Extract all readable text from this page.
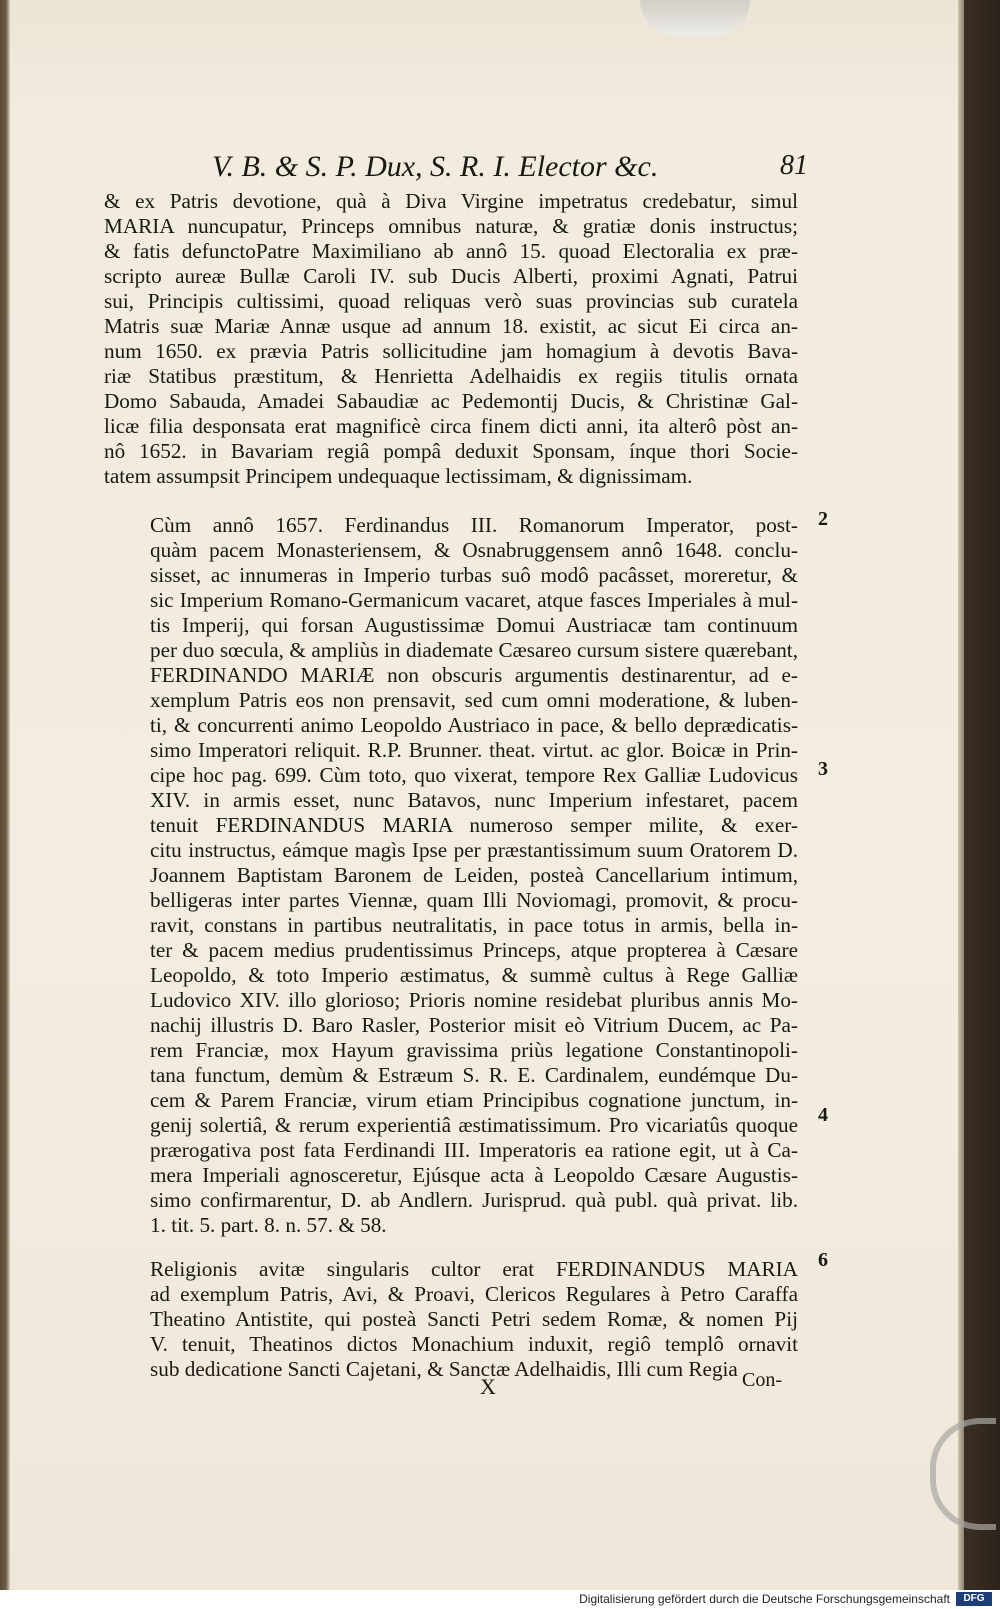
V. B. & S. P. Dux, S. R. I. Elector &c.	81
& ex Patris devotione, quà à Diva Virgine impetratus credebatur, simul
MARIA nuncupatur, Princeps omnibus naturæ, & gratiæ donis instructus;
& fatis defunctoPatre Maximiliano ab annô 15. quoad Electoralia ex præ-
scripto aureæ Bullæ Caroli IV. sub Ducis Alberti, proximi Agnati, Patrui
sui, Principis cultissimi, quoad reliquas verò suas provincias sub curatela
Matris suæ Mariæ Annæ usque ad annum 18. existit, ac sicut Ei circa an-
num 1650. ex prævia Patris sollicitudine jam homagium à devotis Bava-
riæ Statibus præstitum, & Henrietta Adelhaidis ex regiis titulis ornata
Domo Sabauda, Amadei Sabaudiæ ac Pedemontij Ducis, & Christinæ Gal-
licæ filia desponsata erat magnificè circa finem dicti anni, ita alterô pòst an-
nô 1652. in Bavariam regiâ pompâ deduxit Sponsam, ínque thori Socie-
tatem assumpsit Principem undequaque lectissimam, & dignissimam.
Cùm annô 1657. Ferdinandus III. Romanorum Imperator, post-
quàm pacem Monasteriensem, & Osnabruggensem annô 1648. conclu-
sisset, ac innumeras in Imperio turbas suô modô pacâsset, moreretur, &
sic Imperium Romano-Germanicum vacaret, atque fasces Imperiales à mul-
tis Imperij, qui forsan Augustissimæ Domui Austriacæ tam continuum
per duo sœcula, & ampliùs in diademate Cæsareo cursum sistere quærebant,
FERDINANDO MARIÆ non obscuris argumentis destinarentur, ad e-
xemplum Patris eos non prensavit, sed cum omni moderatione, & luben-
ti, & concurrenti animo Leopoldo Austriaco in pace, & bello deprædicatis-
simo Imperatori reliquit. R.P. Brunner. theat. virtut. ac glor. Boicæ in Prin-
cipe hoc pag. 699. Cùm toto, quo vixerat, tempore Rex Galliæ Ludovicus
XIV. in armis esset, nunc Batavos, nunc Imperium infestaret, pacem
tenuit FERDINANDUS MARIA numeroso semper milite, & exer-
citu instructus, eámque magìs Ipse per præstantissimum suum Oratorem D.
Joannem Baptistam Baronem de Leiden, posteà Cancellarium intimum,
belligeras inter partes Viennæ, quam Illi Noviomagi, promovit, & procu-
ravit, constans in partibus neutralitatis, in pace totus in armis, bella in-
ter & pacem medius prudentissimus Princeps, atque propterea à Cæsare
Leopoldo, & toto Imperio æstimatus, & summè cultus à Rege Galliæ
Ludovico XIV. illo glorioso; Prioris nomine residebat pluribus annis Mo-
nachij illustris D. Baro Rasler, Posterior misit eò Vitrium Ducem, ac Pa-
rem Franciæ, mox Hayum gravissima priùs legatione Constantinopoli-
tana functum, demùm & Estræum S. R. E. Cardinalem, eundémque Du-
cem & Parem Franciæ, virum etiam Principibus cognatione junctum, in-
genij solertiâ, & rerum experientiâ æstimatissimum. Pro vicariatûs quoque
prærogativa post fata Ferdinandi III. Imperatoris ea ratione egit, ut à Ca-
mera Imperiali agnosceretur, Ejúsque acta à Leopoldo Cæsare Augustis-
simo confirmarentur, D. ab Andlern. Jurisprud. quà publ. quà privat. lib.
1. tit. 5. part. 8. n. 57. & 58.
Religionis avitæ singularis cultor erat FERDINANDUS MARIA
ad exemplum Patris, Avi, & Proavi, Clericos Regulares à Petro Caraffa
Theatino Antistite, qui posteà Sancti Petri sedem Romæ, & nomen Pij
V. tenuit, Theatinos dictos Monachium induxit, regiô templô ornavit
sub dedicatione Sancti Cajetani, & Sanctæ Adelhaidis, Illi cum Regia
2
3
4
6
X	Con-
Digitalisierung gefördert durch die Deutsche Forschungsgemeinschaft	DFG
